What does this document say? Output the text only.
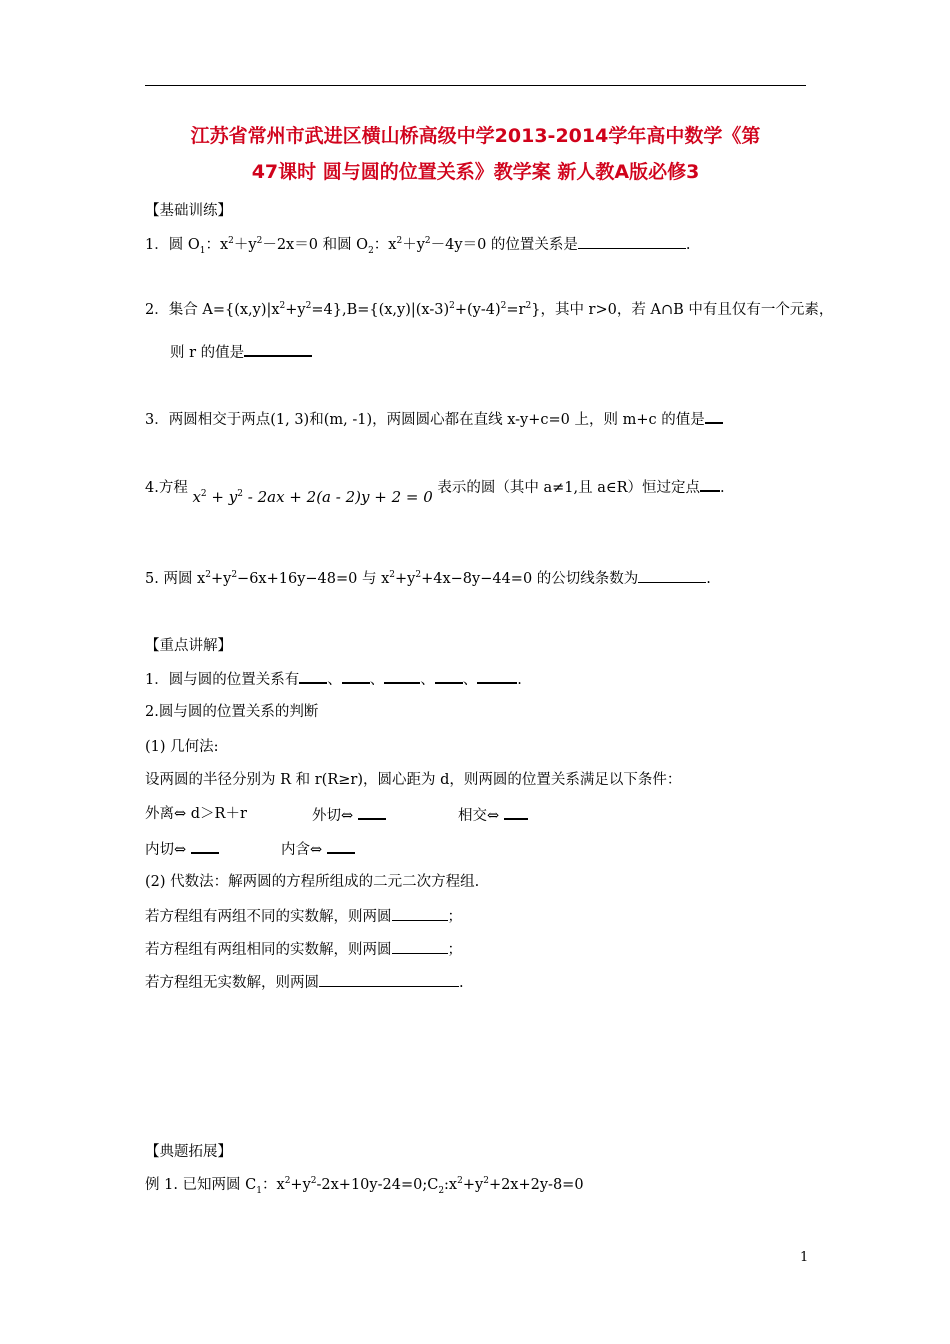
江苏省常州市武进区横山桥高级中学2013-2014学年高中数学《第
47课时 圆与圆的位置关系》教学案 新人教A版必修3
【基础训练】
1．圆 $O_1$：$x^2+y^2-2x=0$ 和圆 $O_2$：$x^2+y^2-4y=0$ 的位置关系是	.
2．集合 $A=\{(x,y)|x^2+y^2=4\},B=\{(x,y)|(x-3)^2+(y-4)^2=r^2\}$，其中 r>0，若 A∩B 中有且仅有一个元素，
则 r 的值是
3．两圆相交于两点(1, 3)和(m, -1)，两圆圆心都在直线 x-y+c=0 上，则 m+c 的值是
4.方程 $x^2 + y^2 - 2ax + 2(a - 2)y + 2 = 0$ 表示的圆（其中 a≠1,且 a∈R）恒过定点 .
5. 两圆 $x^2+y^2-6x+16y-48=0$ 与 $x^2+y^2+4x-8y-44=0$ 的公切线条数为	.
【重点讲解】
1．圆与圆的位置关系有 、 、 、 、	.
2.圆与圆的位置关系的判断
(1) 几何法:
设两圆的半径分别为 R 和 r(R≥r)，圆心距为 d，则两圆的位置关系满足以下条件：
外离⇔ d＞R＋r	外切⇔	相交⇔
内切⇔	内含⇔
(2) 代数法：解两圆的方程所组成的二元二次方程组.
若方程组有两组不同的实数解，则两圆	；
若方程组有两组相同的实数解，则两圆	；
若方程组无实数解，则两圆	.
【典题拓展】
例 1. 已知两圆 $C_1$：$x^2+y^2-2x+10y-24=0;C_2:x^2+y^2+2x+2y-8=0$
1
